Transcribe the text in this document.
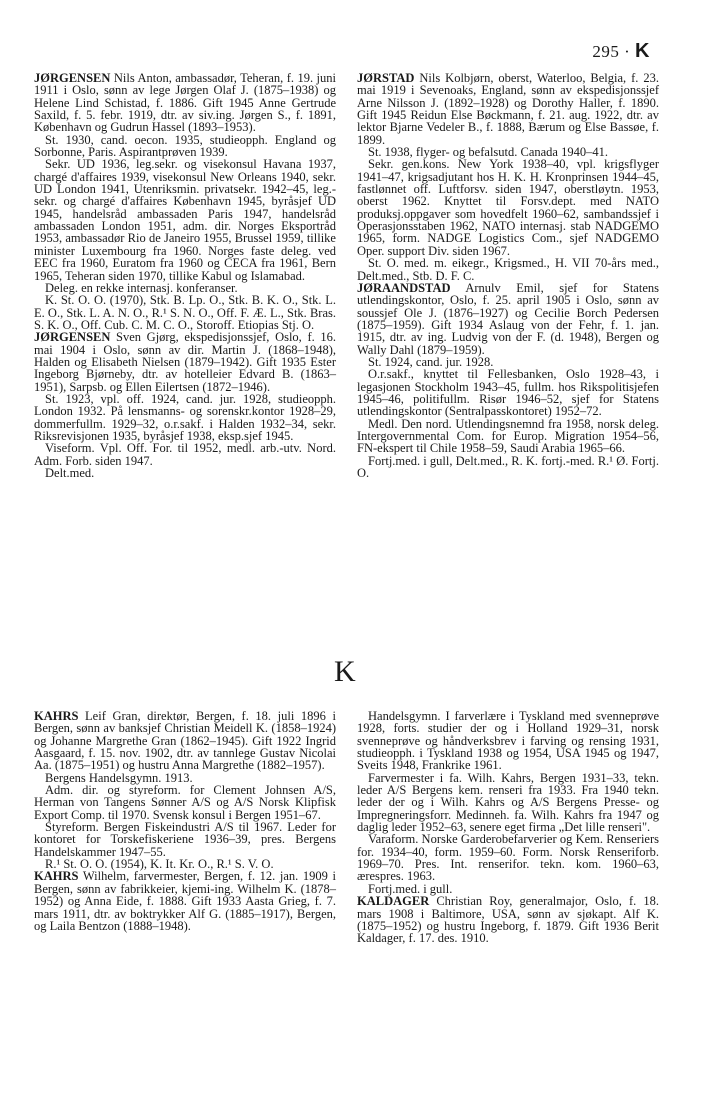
295 · K

JØRGENSEN Nils Anton, ambassadør, Teheran, f. 19. juni 1911 i Oslo, sønn av lege Jørgen Olaf J. (1875–1938) og Helene Lind Schistad, f. 1886. Gift 1945 Anne Gertrude Saxild, f. 5. febr. 1919, dtr. av siv.ing. Jørgen S., f. 1891, København og Gudrun Hassel (1893–1953).

St. 1930, cand. oecon. 1935, studieopph. England og Sorbonne, Paris. Aspirantprøven 1939.

Sekr. UD 1936, leg.sekr. og visekonsul Havana 1937, chargé d'affaires 1939, visekonsul New Orleans 1940, sekr. UD London 1941, Utenriksmin. privatsekr. 1942–45, leg.-sekr. og chargé d'affaires København 1945, byråsjef UD 1945, handelsråd ambassaden Paris 1947, handelsråd ambassaden London 1951, adm. dir. Norges Eksportråd 1953, ambassadør Rio de Janeiro 1955, Brussel 1959, tillike minister Luxembourg fra 1960. Norges faste deleg. ved EEC fra 1960, Euratom fra 1960 og CECA fra 1961, Bern 1965, Teheran siden 1970, tillike Kabul og Islamabad.

Deleg. en rekke internasj. konferanser.

K. St. O. O. (1970), Stk. B. Lp. O., Stk. B. K. O., Stk. L. E. O., Stk. L. A. N. O., R.¹ S. N. O., Off. F. Æ. L., Stk. Bras. S. K. O., Off. Cub. C. M. C. O., Storoff. Etiopias Stj. O.

JØRGENSEN Sven Gjørg, ekspedisjonssjef, Oslo, f. 16. mai 1904 i Oslo, sønn av dir. Martin J. (1868–1948), Halden og Elisabeth Nielsen (1879–1942). Gift 1935 Ester Ingeborg Bjørneby, dtr. av hotelleier Edvard B. (1863–1951), Sarpsb. og Ellen Eilertsen (1872–1946).

St. 1923, vpl. off. 1924, cand. jur. 1928, studieopph. London 1932. På lensmanns- og sorenskr.kontor 1928–29, dommerfullm. 1929–32, o.r.sakf. i Halden 1932–34, sekr. Riksrevisjonen 1935, byråsjef 1938, eksp.sjef 1945.

Viseform. Vpl. Off. For. til 1952, medl. arb.-utv. Nord. Adm. Forb. siden 1947.

Delt.med.

JØRSTAD Nils Kolbjørn, oberst, Waterloo, Belgia, f. 23. mai 1919 i Sevenoaks, England, sønn av ekspedisjonssjef Arne Nilsson J. (1892–1928) og Dorothy Haller, f. 1890. Gift 1945 Reidun Else Bøckmann, f. 21. aug. 1922, dtr. av lektor Bjarne Vedeler B., f. 1888, Bærum og Else Bassøe, f. 1899.

St. 1938, flyger- og befalsutd. Canada 1940–41.

Sekr. gen.kons. New York 1938–40, vpl. krigsflyger 1941–47, krigsadjutant hos H. K. H. Kronprinsen 1944–45, fastlønnet off. Luftforsv. siden 1947, oberstløytn. 1953, oberst 1962. Knyttet til Forsv.dept. med NATO produksj.oppgaver som hovedfelt 1960–62, sambandssjef i Operasjonsstaben 1962, NATO internasj. stab NADGEMO 1965, form. NADGE Logistics Com., sjef NADGEMO Oper. support Div. siden 1967.

St. O. med. m. eikegr., Krigsmed., H. VII 70-års med., Delt.med., Stb. D. F. C.

JØRAANDSTAD Arnulv Emil, sjef for Statens utlendingskontor, Oslo, f. 25. april 1905 i Oslo, sønn av soussjef Ole J. (1876–1927) og Cecilie Borch Pedersen (1875–1959). Gift 1934 Aslaug von der Fehr, f. 1. jan. 1915, dtr. av ing. Ludvig von der F. (d. 1948), Bergen og Wally Dahl (1879–1959).

St. 1924, cand. jur. 1928.

O.r.sakf., knyttet til Fellesbanken, Oslo 1928–43, i legasjonen Stockholm 1943–45, fullm. hos Rikspolitisjefen 1945–46, politifullm. Risør 1946–52, sjef for Statens utlendingskontor (Sentralpasskontoret) 1952–72.

Medl. Den nord. Utlendingsnemnd fra 1958, norsk deleg. Intergovernmental Com. for Europ. Migration 1954–56, FN-ekspert til Chile 1958–59, Saudi Arabia 1965–66.

Fortj.med. i gull, Delt.med., R. K. fortj.-med. R.¹ Ø. Fortj. O.

K

KAHRS Leif Gran, direktør, Bergen, f. 18. juli 1896 i Bergen, sønn av banksjef Christian Meidell K. (1858–1924) og Johanne Margrethe Gran (1862–1945). Gift 1922 Ingrid Aasgaard, f. 15. nov. 1902, dtr. av tannlege Gustav Nicolai Aa. (1875–1951) og hustru Anna Margrethe (1882–1957).

Bergens Handelsgymn. 1913.

Adm. dir. og styreform. for Clement Johnsen A/S, Herman von Tangens Sønner A/S og A/S Norsk Klipfisk Export Comp. til 1970. Svensk konsul i Bergen 1951–67.

Styreform. Bergen Fiskeindustri A/S til 1967. Leder for kontoret for Torskefiskeriene 1936–39, pres. Bergens Handelskammer 1947–55.

R.¹ St. O. O. (1954), K. It. Kr. O., R.¹ S. V. O.

KAHRS Wilhelm, farvermester, Bergen, f. 12. jan. 1909 i Bergen, sønn av fabrikkeier, kjemi-ing. Wilhelm K. (1878–1952) og Anna Eide, f. 1888. Gift 1933 Aasta Grieg, f. 7. mars 1911, dtr. av boktrykker Alf G. (1885–1917), Bergen, og Laila Bentzon (1888–1948).

Handelsgymn. I farverlære i Tyskland med svenneprøve 1928, forts. studier der og i Holland 1929–31, norsk svenneprøve og håndverksbrev i farving og rensing 1931, studieopph. i Tyskland 1938 og 1954, USA 1945 og 1947, Sveits 1948, Frankrike 1961.

Farvermester i fa. Wilh. Kahrs, Bergen 1931–33, tekn. leder A/S Bergens kem. renseri fra 1933. Fra 1940 tekn. leder der og i Wilh. Kahrs og A/S Bergens Presse- og Impregneringsforr. Medinneh. fa. Wilh. Kahrs fra 1947 og daglig leder 1952–63, senere eget firma „Det lille renseri".

Varaform. Norske Garderobefarverier og Kem. Renseriers for. 1934–40, form. 1959–60. Form. Norsk Renseriforb. 1969–70. Pres. Int. renserifor. tekn. kom. 1960–63, ærespres. 1963.

Fortj.med. i gull.

KALDAGER Christian Roy, generalmajor, Oslo, f. 18. mars 1908 i Baltimore, USA, sønn av sjøkapt. Alf K. (1875–1952) og hustru Ingeborg, f. 1879. Gift 1936 Berit Kaldager, f. 17. des. 1910.
